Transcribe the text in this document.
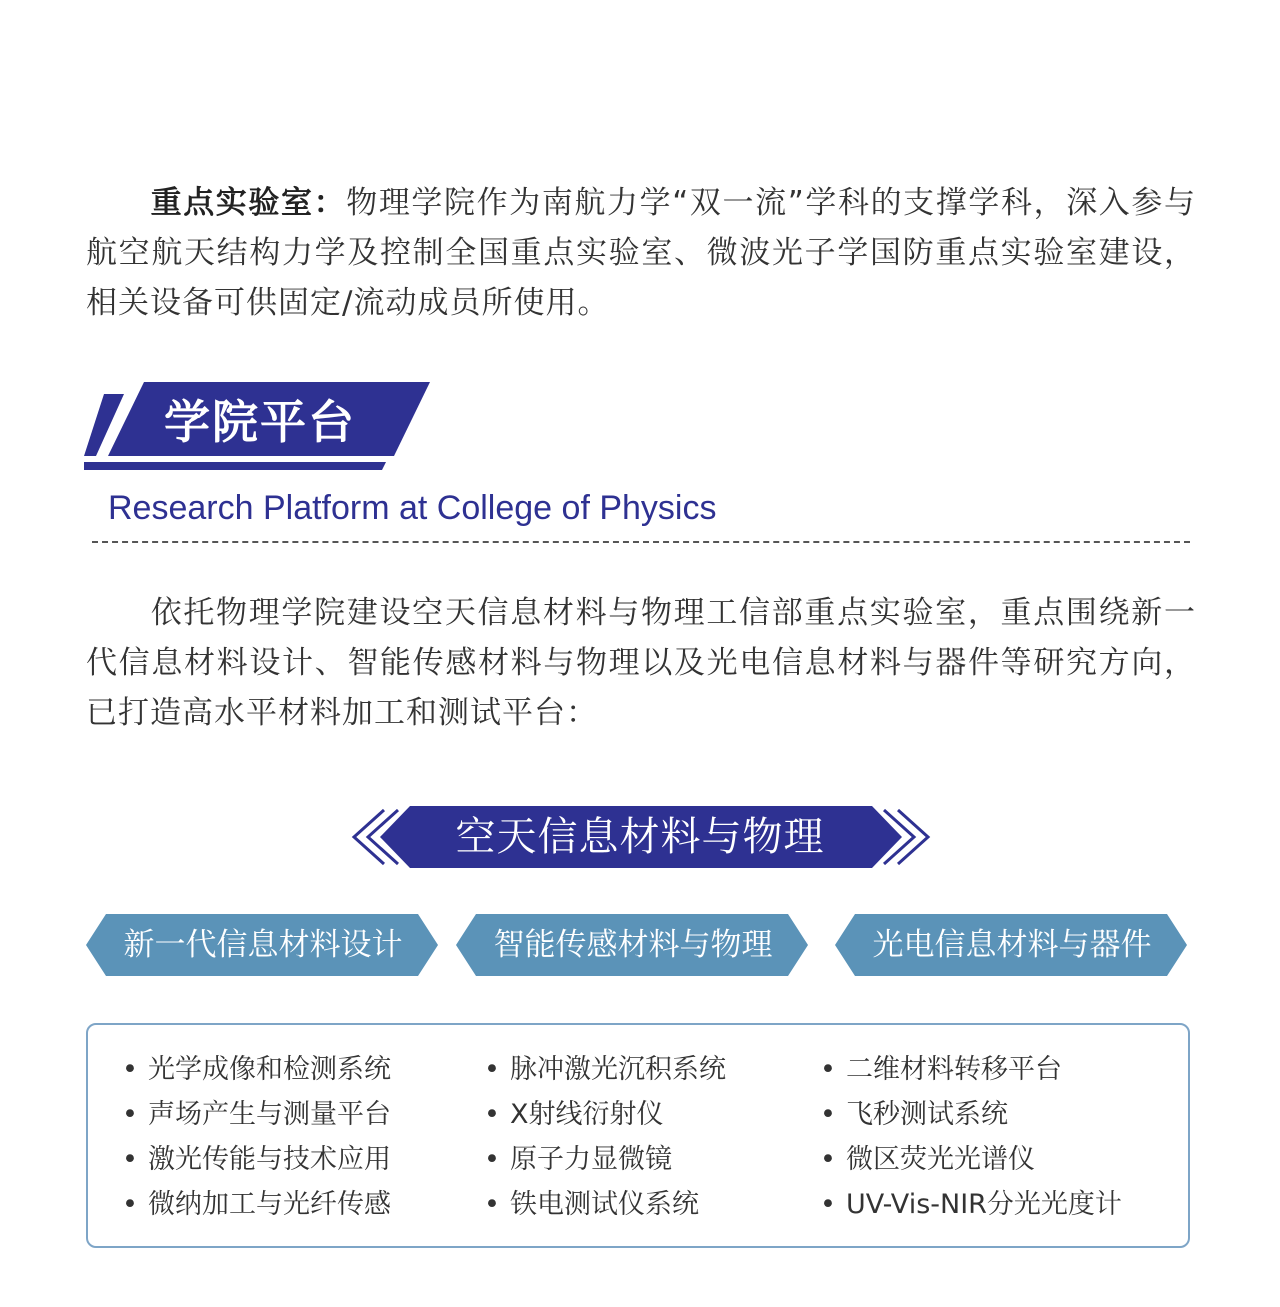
重点实验室：物理学院作为南航力学“双一流”学科的支撑学科，深入参与航空航天结构力学及控制全国重点实验室、微波光子学国防重点实验室建设，相关设备可供固定/流动成员所使用。

学院平台
Research Platform at College of Physics

依托物理学院建设空天信息材料与物理工信部重点实验室，重点围绕新一代信息材料设计、智能传感材料与物理以及光电信息材料与器件等研究方向，已打造高水平材料加工和测试平台：

空天信息材料与物理
新一代信息材料设计	智能传感材料与物理	光电信息材料与器件
• 光学成像和检测系统
• 声场产生与测量平台
• 激光传能与技术应用
• 微纳加工与光纤传感
• 脉冲激光沉积系统
• X射线衍射仪
• 原子力显微镜
• 铁电测试仪系统
• 二维材料转移平台
• 飞秒测试系统
• 微区荧光光谱仪
• UV-Vis-NIR分光光度计
